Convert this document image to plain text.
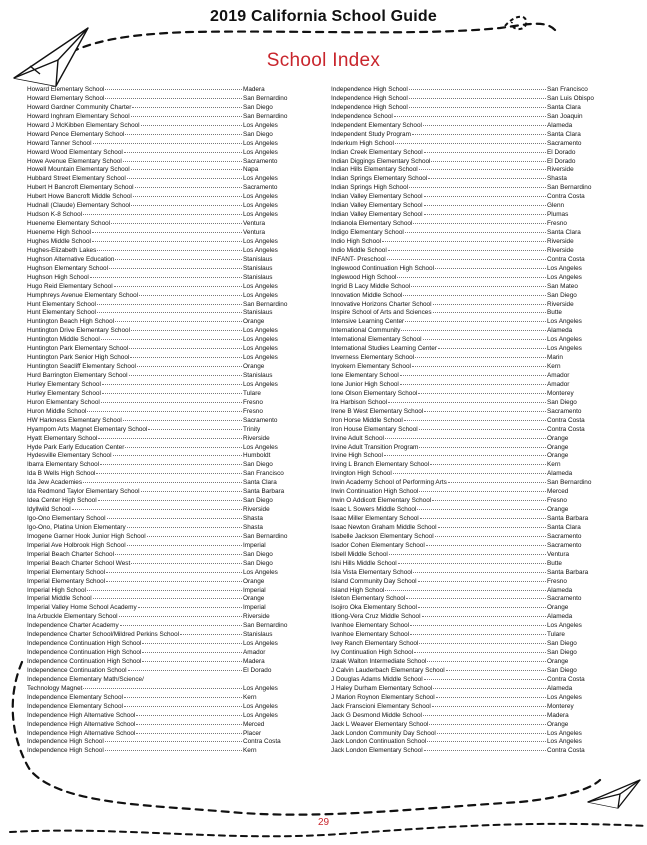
2019 California School Guide
School Index
Howard Elementary School	Madera
Howard Elementary School	San Bernardino
Howard Gardner Community Charter	San Diego
Howard Inghram Elementary School	San Bernardino
Howard J McKibben Elementary School	Los Angeles
Howard Pence Elementary School	San Diego
Howard Tanner School	Los Angeles
Howard Wood Elementary School	Los Angeles
Howe Avenue Elementary School	Sacramento
Howell Mountain Elementary School	Napa
Hubbard Street Elementary School	Los Angeles
Hubert H Bancroft Elementary School	Sacramento
Hubert Howe Bancroft Middle School	Los Angeles
Hudnall (Claude) Elementary School	Los Angeles
Hudson K-8 School	Los Angeles
Hueneme Elementary School	Ventura
Hueneme High School	Ventura
Hughes Middle School	Los Angeles
Hughes-Elizabeth Lakes	Los Angeles
Hughson Alternative Education	Stanislaus
Hughson Elementary School	Stanislaus
Hughson High School	Stanislaus
Hugo Reid Elementary School	Los Angeles
Humphreys Avenue Elementary School	Los Angeles
Hunt Elementary School	San Bernardino
Hunt Elementary School	Stanislaus
Huntington Beach High School	Orange
Huntington Drive Elementary School	Los Angeles
Huntington Middle School	Los Angeles
Huntington Park Elementary School	Los Angeles
Huntington Park Senior High School	Los Angeles
Huntington Seacliff Elementary School	Orange
Hurd Barrington Elementary School	Stanislaus
Hurley Elementary School	Los Angeles
Hurley Elementary School	Tulare
Huron Elementary School	Fresno
Huron Middle School	Fresno
HW Harkness Elementary School	Sacramento
Hyampom Arts Magnet Elementary School	Trinity
Hyatt Elementary School	Riverside
Hyde Park Early Education Center	Los Angeles
Hydesville Elementary School	Humboldt
Ibarra Elementary School	San Diego
Ida B Wells High School	San Francisco
Ida Jew Academies	Santa Clara
Ida Redmond Taylor Elementary School	Santa Barbara
Idea Center High School	San Diego
Idyllwild School	Riverside
Igo-Ono Elementary School	Shasta
Igo-Ono, Platina Union Elementary	Shasta
Imogene Garner Hook Junior High School	San Bernardino
Imperial Ave Holbrook High School	Imperial
Imperial Beach Charter School	San Diego
Imperial Beach Charter School West	San Diego
Imperial Elementary School	Los Angeles
Imperial Elementary School	Orange
Imperial High School	Imperial
Imperial Middle School	Orange
Imperial Valley Home School Academy	Imperial
Ina Arbuckle Elementary School	Riverside
Independence Charter Academy	San Bernardino
Independence Charter School/Mildred Perkins School	Stanislaus
Independence Continuation High School	Los Angeles
Independence Continuation High School	Amador
Independence Continuation High School	Madera
Independence Continuation School	El Dorado
Independence Elementary Math/Science/
Technology Magnet	Los Angeles
Independence Elementary School	Kern
Independence Elementary School	Los Angeles
Independence High Alternative School	Los Angeles
Independence High Alternative School	Merced
Independence High Alternative School	Placer
Independence High School	Contra Costa
Independence High School	Kern
Independence High School	San Francisco
Independence High School	San Luis Obispo
Independence High School	Santa Clara
Independence School	San Joaquin
Independent Elementary School	Alameda
Independent Study Program	Santa Clara
Inderkum High School	Sacramento
Indian Creek Elementary School	El Dorado
Indian Diggings Elementary School	El Dorado
Indian Hills Elementary School	Riverside
Indian Springs Elementary School	Shasta
Indian Springs High School	San Bernardino
Indian Valley Elementary School	Contra Costa
Indian Valley Elementary School	Glenn
Indian Valley Elementary School	Plumas
Indianola Elementary School	Fresno
Indigo Elementary School	Santa Clara
Indio High School	Riverside
Indio Middle School	Riverside
INFANT- Preschool	Contra Costa
Inglewood Continuation High School	Los Angeles
Inglewood High School	Los Angeles
Ingrid B Lacy Middle School	San Mateo
Innovation Middle School	San Diego
Innovative Horizons Charter School	Riverside
Inspire School of Arts and Sciences	Butte
Intensive Learning Center	Los Angeles
International Community	Alameda
International Elementary School	Los Angeles
International Studies Learning Center	Los Angeles
Inverness Elementary School	Marin
Inyokern Elementary School	Kern
Ione Elementary School	Amador
Ione Junior High School	Amador
Ione Olson Elementary School	Monterey
Ira Harbison School	San Diego
Irene B West Elementary School	Sacramento
Iron Horse Middle School	Contra Costa
Iron House Elementary School	Contra Costa
Irvine Adult School	Orange
Irvine Adult Transition Program	Orange
Irvine High School	Orange
Irving L Branch Elementary School	Kern
Irvington High School	Alameda
Irwin Academy School of Performing Arts	San Bernardino
Irwin Continuation High School	Merced
Irwin O Addicott Elementary School	Fresno
Isaac L Sowers Middle School	Orange
Isaac Miller Elementary School	Santa Barbara
Isaac Newton Graham Middle School	Santa Clara
Isabelle Jackson Elementary School	Sacramento
Isador Cohen Elementary School	Sacramento
Isbell Middle School	Ventura
Ishi Hills Middle School	Butte
Isla Vista Elementary School	Santa Barbara
Island Community Day School	Fresno
Island High School	Alameda
Isleton Elementary School	Sacramento
Isojiro Oka Elementary School	Orange
Itliong-Vera Cruz Middle School	Alameda
Ivanhoe Elementary School	Los Angeles
Ivanhoe Elementary School	Tulare
Ivey Ranch Elementary School	San Diego
Ivy Continuation High School	San Diego
Izaak Walton Intermediate School	Orange
J Calvin Lauderbach Elementary School	San Diego
J Douglas Adams Middle School	Contra Costa
J Haley Durham Elementary School	Alameda
J Marion Roynon Elementary School	Los Angeles
Jack Franscioni Elementary School	Monterey
Jack G Desmond Middle School	Madera
Jack L Weaver Elementary School	Orange
Jack London Community Day School	Los Angeles
Jack London Continuation School	Los Angeles
Jack London Elementary School	Contra Costa
29
